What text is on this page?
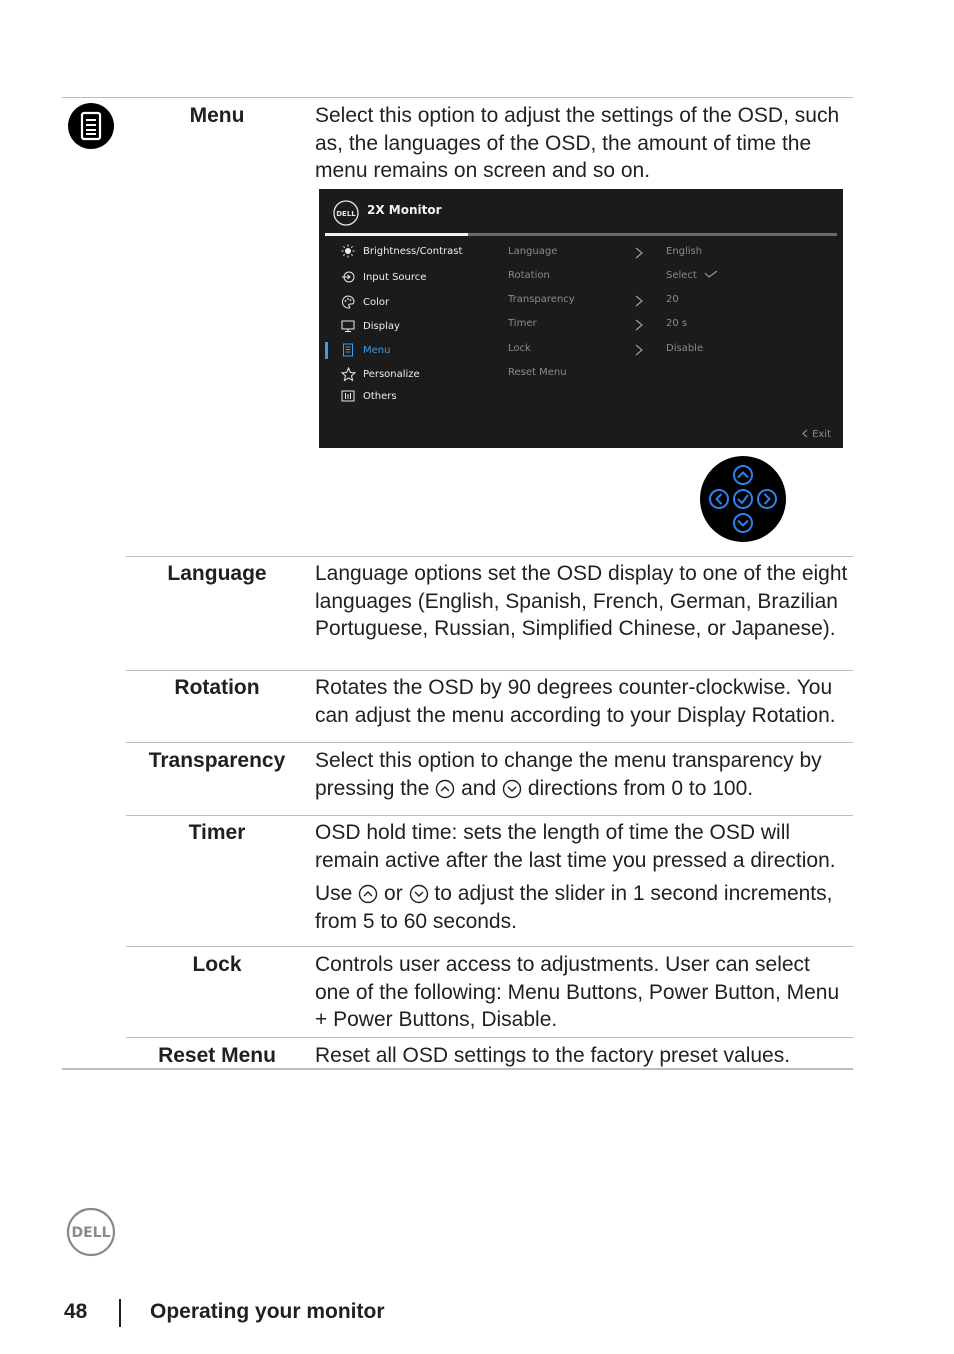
Menu	Select this option to adjust the settings of the OSD, such as, the languages of the OSD, the amount of time the menu remains on screen and so on.
DELL 2X Monitor
Brightness/Contrast
Input Source
Color
Display
Menu
Personalize
Others
Language
Rotation
Transparency
Timer
Lock
Reset Menu
English
Select
20
20 s
Disable
Exit
Language	Language options set the OSD display to one of the eight languages (English, Spanish, French, German, Brazilian Portuguese, Russian, Simplified Chinese, or Japanese).
Rotation	Rotates the OSD by 90 degrees counter-clockwise. You can adjust the menu according to your Display Rotation.
Transparency	Select this option to change the menu transparency by pressing the and directions from 0 to 100.
Timer	OSD hold time: sets the length of time the OSD will remain active after the last time you pressed a direction.

Use or to adjust the slider in 1 second increments, from 5 to 60 seconds.

Lock	Controls user access to adjustments. User can select one of the following: Menu Buttons, Power Button, Menu + Power Buttons, Disable.
Reset Menu	Reset all OSD settings to the factory preset values.
DELL
48	Operating your monitor
